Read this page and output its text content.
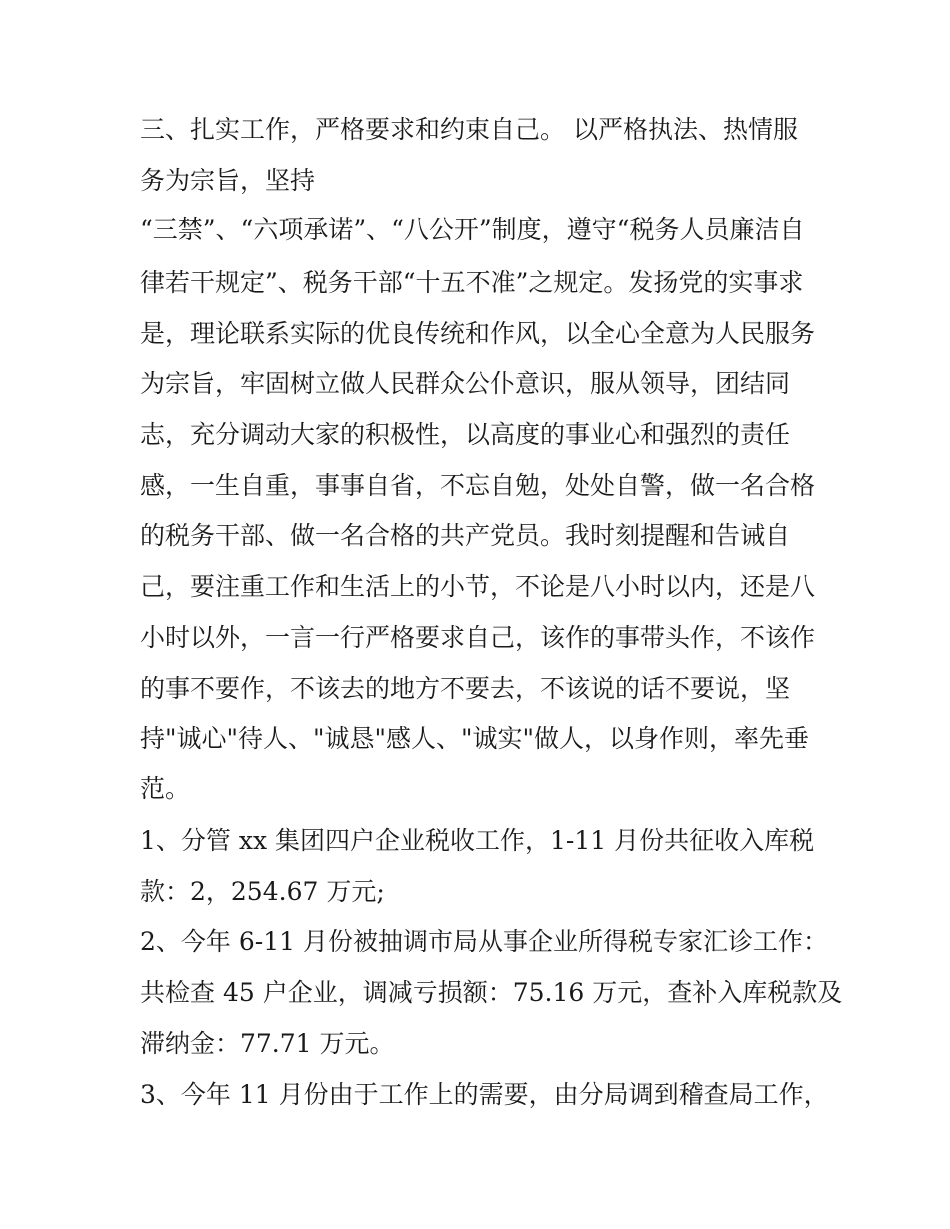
三、扎实工作，严格要求和约束自己。 以严格执法、热情服
务为宗旨，坚持
“三禁”、“六项承诺”、“八公开”制度，遵守“税务人员廉洁自
律若干规定”、税务干部“十五不准”之规定。发扬党的实事求
是，理论联系实际的优良传统和作风，以全心全意为人民服务
为宗旨，牢固树立做人民群众公仆意识，服从领导，团结同
志，充分调动大家的积极性，以高度的事业心和强烈的责任
感，一生自重，事事自省，不忘自勉，处处自警，做一名合格
的税务干部、做一名合格的共产党员。我时刻提醒和告诫自
己，要注重工作和生活上的小节，不论是八小时以内，还是八
小时以外，一言一行严格要求自己，该作的事带头作，不该作
的事不要作，不该去的地方不要去，不该说的话不要说，坚
持"诚心"待人、"诚恳"感人、"诚实"做人，以身作则，率先垂
范。
1、分管 xx 集团四户企业税收工作，1-11 月份共征收入库税
款：2，254.67 万元;
2、今年 6-11 月份被抽调市局从事企业所得税专家汇诊工作：
共检查 45 户企业，调减亏损额：75.16 万元，查补入库税款及
滞纳金：77.71 万元。
3、今年 11 月份由于工作上的需要，由分局调到稽查局工作，
